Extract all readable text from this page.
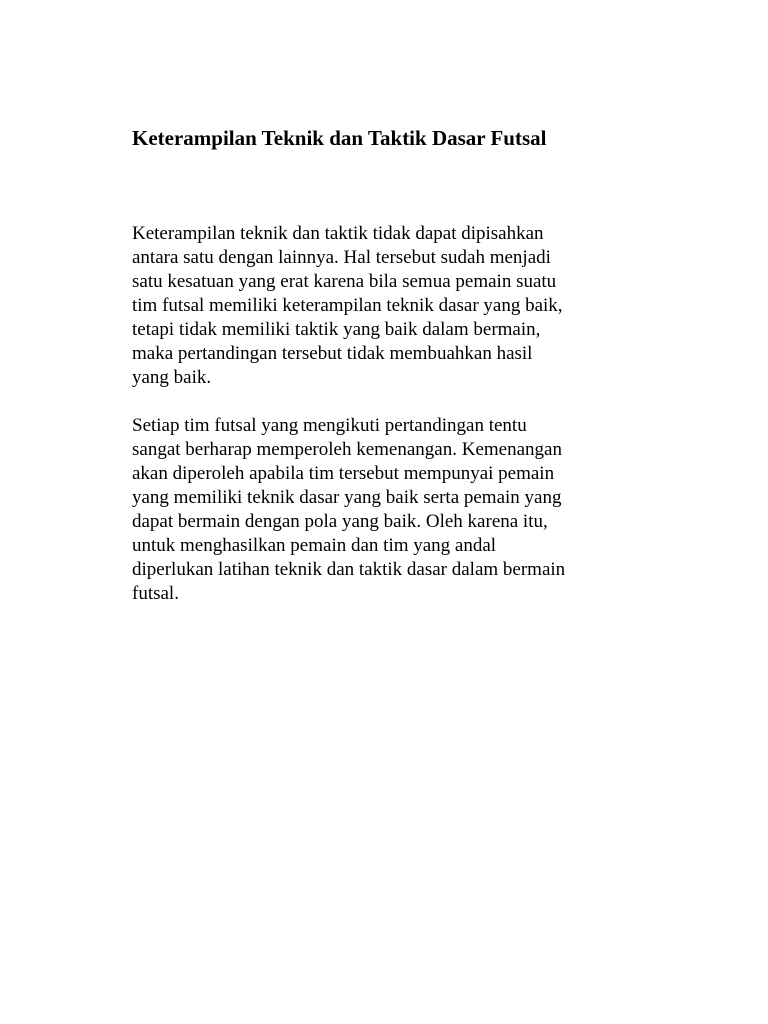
Keterampilan Teknik dan Taktik Dasar Futsal

Keterampilan teknik dan taktik tidak dapat dipisahkan
antara satu dengan lainnya. Hal tersebut sudah menjadi
satu kesatuan yang erat karena bila semua pemain suatu
tim futsal memiliki keterampilan teknik dasar yang baik,
tetapi tidak memiliki taktik yang baik dalam bermain,
maka pertandingan tersebut tidak membuahkan hasil
yang baik.

Setiap tim futsal yang mengikuti pertandingan tentu
sangat berharap memperoleh kemenangan. Kemenangan
akan diperoleh apabila tim tersebut mempunyai pemain
yang memiliki teknik dasar yang baik serta pemain yang
dapat bermain dengan pola yang baik. Oleh karena itu,
untuk menghasilkan pemain dan tim yang andal
diperlukan latihan teknik dan taktik dasar dalam bermain
futsal.
